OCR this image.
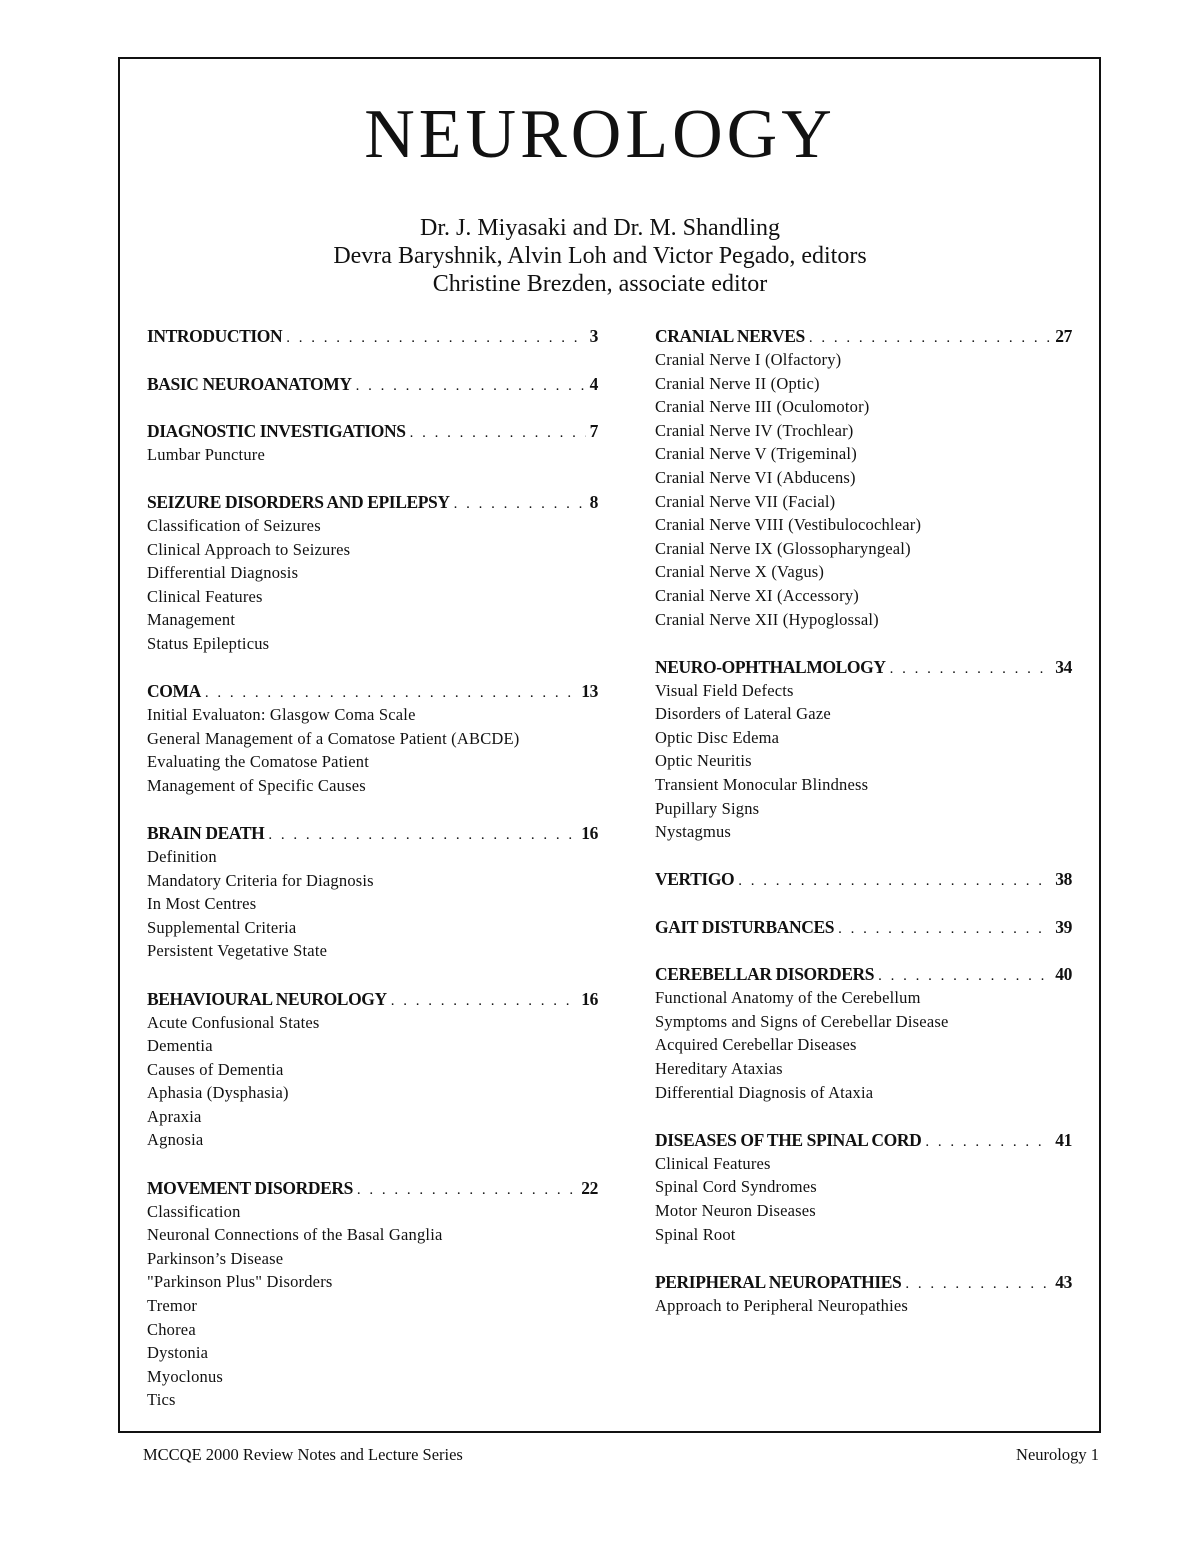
NEUROLOGY
Dr. J. Miyasaki and Dr. M. Shandling
Devra Baryshnik, Alvin Loh and Victor Pegado, editors
Christine Brezden, associate editor
INTRODUCTION . . .	3
BASIC NEUROANATOMY . . .	4
DIAGNOSTIC INVESTIGATIONS . . .	7
Lumbar Puncture
SEIZURE DISORDERS AND EPILEPSY . . .	8
Classification of Seizures
Clinical Approach to Seizures
Differential Diagnosis
Clinical Features
Management
Status Epilepticus
COMA . . .	13
Initial Evaluaton: Glasgow Coma Scale
General Management of a Comatose Patient (ABCDE)
Evaluating the Comatose Patient
Management of Specific Causes
BRAIN DEATH . . .	16
Definition
Mandatory Criteria for Diagnosis
In Most Centres
Supplemental Criteria
Persistent Vegetative State
BEHAVIOURAL NEUROLOGY . . .	16
Acute Confusional States
Dementia
Causes of Dementia
Aphasia (Dysphasia)
Apraxia
Agnosia
MOVEMENT DISORDERS . . .	22
Classification
Neuronal Connections of the Basal Ganglia
Parkinson’s Disease
"Parkinson Plus" Disorders
Tremor
Chorea
Dystonia
Myoclonus
Tics
CRANIAL NERVES . . .	27
Cranial Nerve I (Olfactory)
Cranial Nerve II (Optic)
Cranial Nerve III (Oculomotor)
Cranial Nerve IV (Trochlear)
Cranial Nerve V (Trigeminal)
Cranial Nerve VI (Abducens)
Cranial Nerve VII (Facial)
Cranial Nerve VIII (Vestibulocochlear)
Cranial Nerve IX (Glossopharyngeal)
Cranial Nerve X (Vagus)
Cranial Nerve XI (Accessory)
Cranial Nerve XII (Hypoglossal)
NEURO-OPHTHALMOLOGY . . .	34
Visual Field Defects
Disorders of Lateral Gaze
Optic Disc Edema
Optic Neuritis
Transient Monocular Blindness
Pupillary Signs
Nystagmus
VERTIGO . . .	38
GAIT DISTURBANCES . . .	39
CEREBELLAR DISORDERS . . .	40
Functional Anatomy of the Cerebellum
Symptoms and Signs of Cerebellar Disease
Acquired Cerebellar Diseases
Hereditary Ataxias
Differential Diagnosis of Ataxia
DISEASES OF THE SPINAL CORD . . .	41
Clinical Features
Spinal Cord Syndromes
Motor Neuron Diseases
Spinal Root
PERIPHERAL NEUROPATHIES . . .	43
Approach to Peripheral Neuropathies
MCCQE 2000 Review Notes and Lecture Series	Neurology 1
